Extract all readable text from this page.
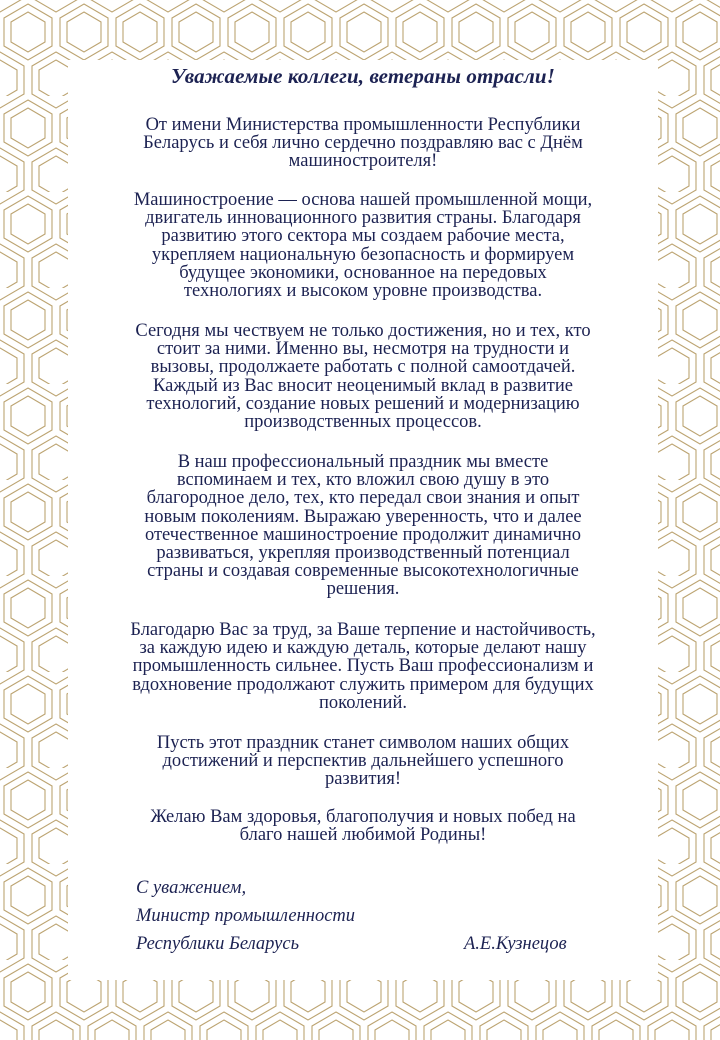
Уважаемые коллеги, ветераны отрасли!
От имени Министерства промышленности Республики
Беларусь и себя лично сердечно поздравляю вас с Днём
машиностроителя!
Машиностроение — основа нашей промышленной мощи,
двигатель инновационного развития страны. Благодаря
развитию этого сектора мы создаем рабочие места,
укрепляем национальную безопасность и формируем
будущее экономики, основанное на передовых
технологиях и высоком уровне производства.
Сегодня мы чествуем не только достижения, но и тех, кто
стоит за ними. Именно вы, несмотря на трудности и
вызовы, продолжаете работать с полной самоотдачей.
Каждый из Вас вносит неоценимый вклад в развитие
технологий, создание новых решений и модернизацию
производственных процессов.
В наш профессиональный праздник мы вместе
вспоминаем и тех, кто вложил свою душу в это
благородное дело, тех, кто передал свои знания и опыт
новым поколениям. Выражаю уверенность, что и далее
отечественное машиностроение продолжит динамично
развиваться, укрепляя производственный потенциал
страны и создавая современные высокотехнологичные
решения.
Благодарю Вас за труд, за Ваше терпение и настойчивость,
за каждую идею и каждую деталь, которые делают нашу
промышленность сильнее. Пусть Ваш профессионализм и
вдохновение продолжают служить примером для будущих
поколений.
Пусть этот праздник станет символом наших общих
достижений и перспектив дальнейшего успешного
развития!
Желаю Вам здоровья, благополучия и новых побед на
благо нашей любимой Родины!
С уважением,
Министр промышленности
Республики Беларусь	А.Е.Кузнецов
